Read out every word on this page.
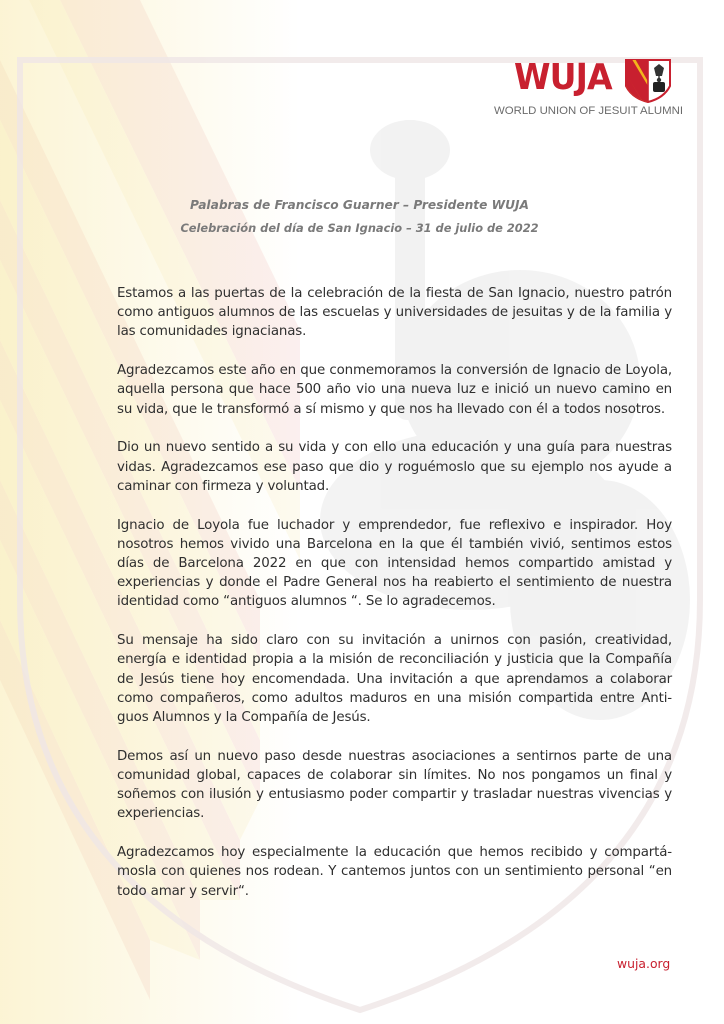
WUJA
WORLD UNION OF JESUIT ALUMNI
Palabras de Francisco Guarner – Presidente WUJA
Celebración del día de San Ignacio – 31 de julio de 2022

Estamos a las puertas de la celebración de la fiesta de San Ignacio, nuestro patrón como antiguos alumnos de las escuelas y universidades de jesuitas y de la familia y las comunidades ignacianas.

Agradezcamos este año en que conmemoramos la conversión de Ignacio de Loyola, aquella persona que hace 500 año vio una nueva luz e inició un nuevo camino en su vida, que le transformó a sí mismo y que nos ha llevado con él a todos nosotros.

Dio un nuevo sentido a su vida y con ello una educación y una guía para nuestras vidas. Agradezcamos ese paso que dio y roguémoslo que su ejemplo nos ayude a caminar con firmeza y voluntad.

Ignacio de Loyola fue luchador y emprendedor, fue reflexivo e inspirador. Hoy nosotros hemos vivido una Barcelona en la que él también vivió, sentimos estos días de Barcelona 2022 en que con intensidad hemos compartido amistad y experiencias y donde el Padre General nos ha reabierto el sentimiento de nuestra identidad como “antiguos alumnos “. Se lo agradecemos.

Su mensaje ha sido claro con su invitación a unirnos con pasión, creatividad, energía e identidad propia a la misión de reconciliación y justicia que la Compañía de Jesús tiene hoy encomendada. Una invitación a que aprendamos a colaborar como compañeros, como adultos maduros en una misión compartida entre Anti-guos Alumnos y la Compañía de Jesús.

Demos así un nuevo paso desde nuestras asociaciones a sentirnos parte de una comunidad global, capaces de colaborar sin límites. No nos pongamos un final y soñemos con ilusión y entusiasmo poder compartir y trasladar nuestras vivencias y experiencias.

Agradezcamos hoy especialmente la educación que hemos recibido y compartá-mosla con quienes nos rodean. Y cantemos juntos con un sentimiento personal “en todo amar y servir“.

wuja.org
